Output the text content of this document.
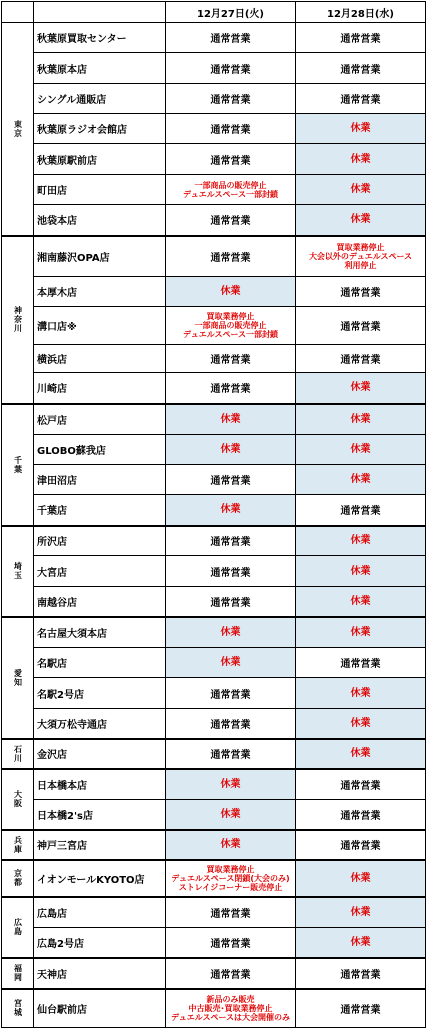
		12月27日(火)	12月28日(水)
東京	秋葉原買取センター	通常営業	通常営業
	秋葉原本店	通常営業	通常営業
	シングル通販店	通常営業	通常営業
	秋葉原ラジオ会館店	通常営業	休業
	秋葉原駅前店	通常営業	休業
	町田店	一部商品の販売停止
デュエルスペース一部封鎖	休業
	池袋本店	通常営業	休業
神奈川	湘南藤沢OPA店	通常営業	買取業務停止
大会以外のデュエルスペース
利用停止
	本厚木店	休業	通常営業
	溝口店※	買取業務停止
一部商品の販売停止
デュエルスペース一部封鎖	通常営業
	横浜店	通常営業	通常営業
	川崎店	通常営業	休業
千葉	松戸店	休業	休業
	GLOBO蘇我店	休業	休業
	津田沼店	通常営業	休業
	千葉店	休業	通常営業
埼玉	所沢店	通常営業	休業
	大宮店	通常営業	休業
	南越谷店	通常営業	休業
愛知	名古屋大須本店	休業	休業
	名駅店	休業	通常営業
	名駅2号店	通常営業	休業
	大須万松寺通店	通常営業	休業
石川	金沢店	通常営業	休業
大阪	日本橋本店	休業	通常営業
	日本橋2's店	休業	通常営業
兵庫	神戸三宮店	休業	通常営業
京都	イオンモールKYOTO店	買取業務停止
デュエルスペース閉鎖(大会のみ)
ストレイジコーナー販売停止	休業
広島	広島店	通常営業	休業
	広島2号店	通常営業	休業
福岡	天神店	通常営業	通常営業
宮城	仙台駅前店	新品のみ販売
中古販売･買取業務停止
デュエルスペースは大会開催のみ	通常営業
